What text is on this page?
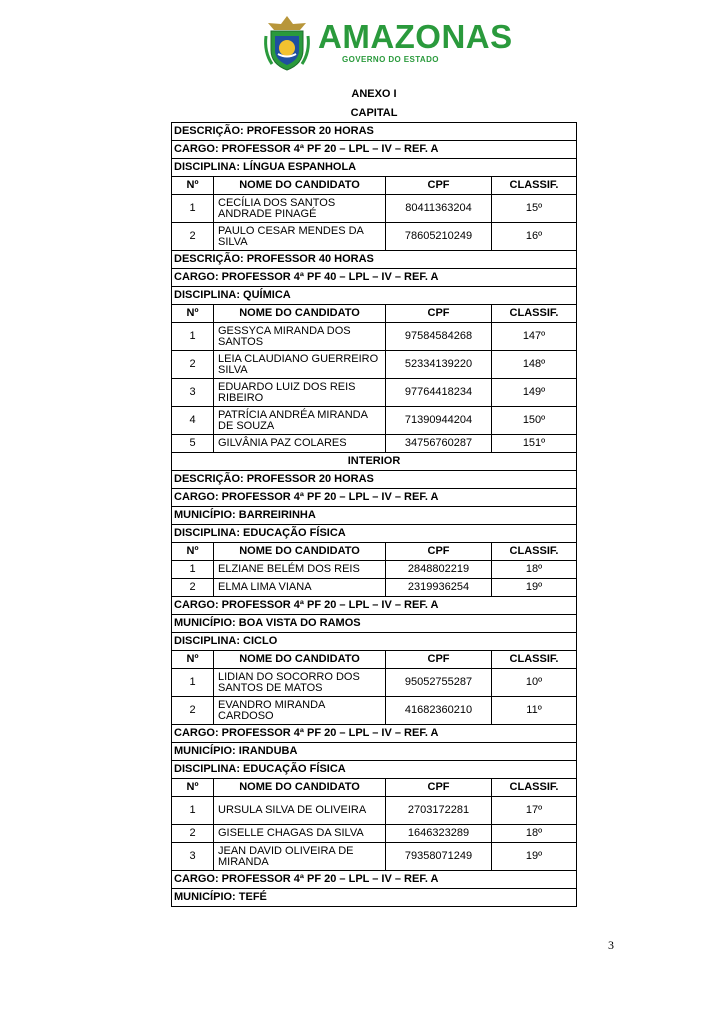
AMAZONAS
GOVERNO DO ESTADO
ANEXO I
CAPITAL
DESCRIÇÃO: PROFESSOR 20 HORAS			
CARGO: PROFESSOR 4ª PF 20 – LPL – IV – REF. A			
DISCIPLINA: LÍNGUA ESPANHOLA			
Nº	NOME DO CANDIDATO	CPF	CLASSIF.
1	CECÍLIA DOS SANTOS ANDRADE PINAGÉ	80411363204	15º
2	PAULO CESAR MENDES DA SILVA	78605210249	16º
DESCRIÇÃO: PROFESSOR 40 HORAS			
CARGO: PROFESSOR 4ª PF 40 – LPL – IV – REF. A			
DISCIPLINA: QUÍMICA			
Nº	NOME DO CANDIDATO	CPF	CLASSIF.
1	GESSYCA MIRANDA DOS SANTOS	97584584268	147º
2	LEIA CLAUDIANO GUERREIRO SILVA	52334139220	148º
3	EDUARDO LUIZ DOS REIS RIBEIRO	97764418234	149º
4	PATRÍCIA ANDRÉA MIRANDA DE SOUZA	71390944204	150º
5	GILVÂNIA PAZ COLARES	34756760287	151º
INTERIOR			
DESCRIÇÃO: PROFESSOR 20 HORAS			
CARGO: PROFESSOR 4ª PF 20 – LPL – IV – REF. A			
MUNICÍPIO: BARREIRINHA			
DISCIPLINA: EDUCAÇÃO FÍSICA			
Nº	NOME DO CANDIDATO	CPF	CLASSIF.
1	ELZIANE BELÉM DOS REIS	2848802219	18º
2	ELMA LIMA VIANA	2319936254	19º
CARGO: PROFESSOR 4ª PF 20 – LPL – IV – REF. A			
MUNICÍPIO: BOA VISTA DO RAMOS			
DISCIPLINA: CICLO			
Nº	NOME DO CANDIDATO	CPF	CLASSIF.
1	LIDIAN DO SOCORRO DOS SANTOS DE MATOS	95052755287	10º
2	EVANDRO MIRANDA CARDOSO	41682360210	11º
CARGO: PROFESSOR 4ª PF 20 – LPL – IV – REF. A			
MUNICÍPIO: IRANDUBA			
DISCIPLINA: EDUCAÇÃO FÍSICA			
Nº	NOME DO CANDIDATO	CPF	CLASSIF.
1	URSULA SILVA DE OLIVEIRA	2703172281	17º
2	GISELLE CHAGAS DA SILVA	1646323289	18º
3	JEAN DAVID OLIVEIRA DE MIRANDA	79358071249	19º
CARGO: PROFESSOR 4ª PF 20 – LPL – IV – REF. A			
MUNICÍPIO: TEFÉ			
3
